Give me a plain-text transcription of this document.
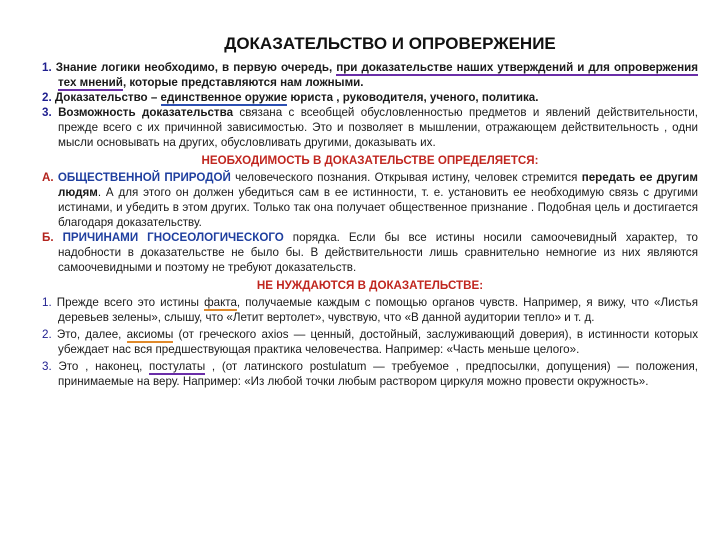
ДОКАЗАТЕЛЬСТВО И ОПРОВЕРЖЕНИЕ

1. Знание логики необходимо, в первую очередь, при доказательстве наших утверждений и для опровержения тех мнений, которые представляются нам ложными.

2. Доказательство – единственное оружие юриста , руководителя, ученого, политика.

3. Возможность доказательства связана с всеобщей обусловленностью предметов и явлений действительности, прежде всего с их причинной зависимостью. Это и позволяет в мышлении, отражающем действительность , одни мысли основывать на других, обусловливать другими, доказывать их.

НЕОБХОДИМОСТЬ В ДОКАЗАТЕЛЬСТВЕ ОПРЕДЕЛЯЕТСЯ:

А. ОБЩЕСТВЕННОЙ ПРИРОДОЙ человеческого познания. Открывая истину, человек стремится передать ее другим людям. А для этого он должен убедиться сам в ее истинности, т. е. установить ее необходимую связь с другими истинами, и убедить в этом других. Только так она получает общественное признание . Подобная цель и достигается благодаря доказательству.

Б. ПРИЧИНАМИ ГНОСЕОЛОГИЧЕСКОГО порядка. Если бы все истины носили самоочевидный характер, то надобности в доказательстве не было бы. В действительности лишь сравнительно немногие из них являются самоочевидными и поэтому не требуют доказательств.

НЕ НУЖДАЮТСЯ В ДОКАЗАТЕЛЬСТВЕ:

1. Прежде всего это истины факта, получаемые каждым с помощью органов чувств. Например, я вижу, что «Листья деревьев зелены», слышу, что «Летит вертолет», чувствую, что «В данной аудитории тепло» и т. д.

2. Это, далее, аксиомы (от греческого axios — ценный, достойный, заслуживающий доверия), в истинности которых убеждает нас вся предшествующая практика человечества. Например: «Часть меньше целого».

3. Это , наконец, постулаты , (от латинского postulatum — требуемое , предпосылки, допущения) — положения, принимаемые на веру. Например: «Из любой точки любым раствором циркуля можно провести окружность».
